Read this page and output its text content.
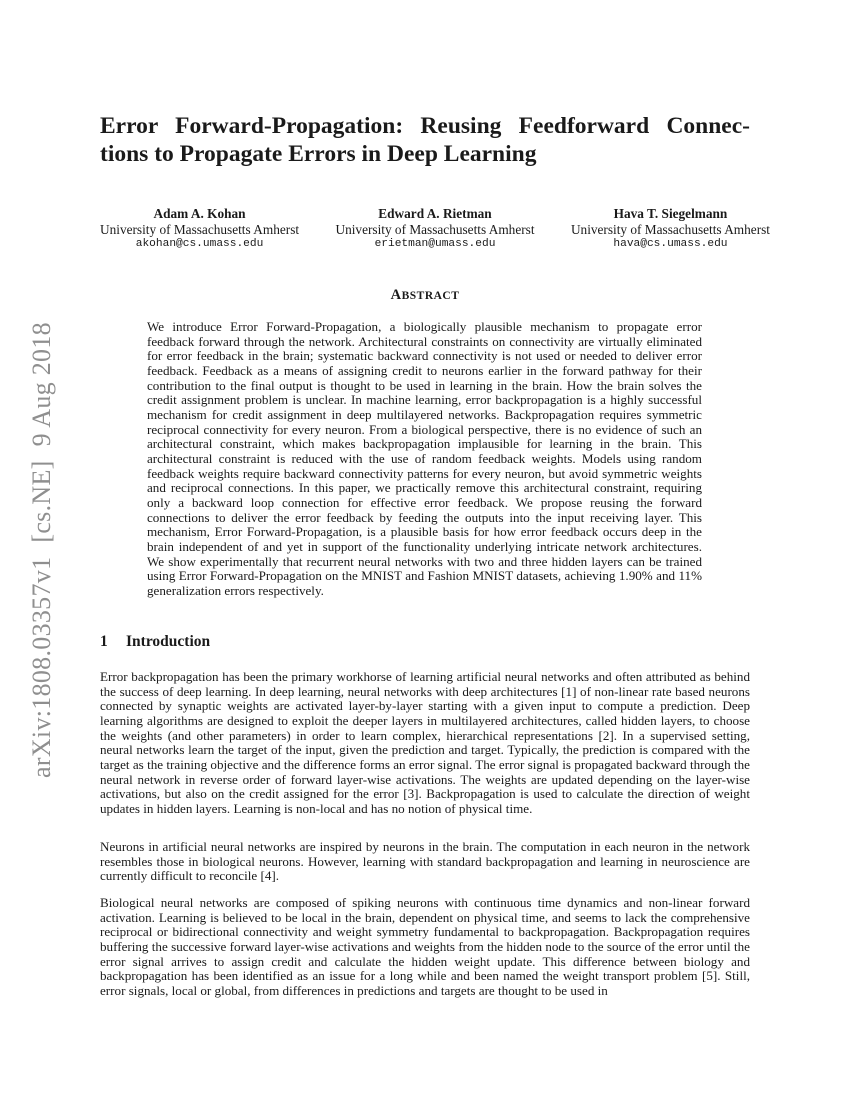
arXiv:1808.03357v1[cs.NE]9 Aug 2018
Error Forward-Propagation: Reusing Feedforward Connec-
tions to Propagate Errors in Deep Learning
Adam A. Kohan
University of Massachusetts Amherst
akohan@cs.umass.edu
Edward A. Rietman
University of Massachusetts Amherst
erietman@umass.edu
Hava T. Siegelmann
University of Massachusetts Amherst
hava@cs.umass.edu
ABSTRACT
We introduce Error Forward-Propagation, a biologically plausible mechanism to propagate error feedback forward through the network. Architectural constraints on connectivity are virtually eliminated for error feedback in the brain; systematic backward connectivity is not used or needed to deliver error feedback. Feedback as a means of assigning credit to neurons earlier in the forward pathway for their contribution to the final output is thought to be used in learning in the brain. How the brain solves the credit assignment problem is unclear. In machine learning, error backpropagation is a highly successful mechanism for credit assignment in deep multilayered networks. Backpropagation requires symmetric reciprocal connectivity for every neuron. From a biological perspective, there is no evidence of such an architectural constraint, which makes backpropagation implausible for learning in the brain. This architectural constraint is reduced with the use of random feedback weights. Models using random feedback weights require backward connectivity patterns for every neuron, but avoid symmetric weights and reciprocal connections. In this paper, we practically remove this architectural constraint, requiring only a backward loop connection for effective error feedback. We propose reusing the forward connections to deliver the error feedback by feeding the outputs into the input receiving layer. This mechanism, Error Forward-Propagation, is a plausible basis for how error feedback occurs deep in the brain independent of and yet in support of the functionality underlying intricate network architectures. We show experimentally that recurrent neural networks with two and three hidden layers can be trained using Error Forward-Propagation on the MNIST and Fashion MNIST datasets, achieving 1.90% and 11% generalization errors respectively.
1 Introduction
Error backpropagation has been the primary workhorse of learning artificial neural networks and often attributed as behind the success of deep learning. In deep learning, neural networks with deep architectures [1] of non-linear rate based neurons connected by synaptic weights are activated layer-by-layer starting with a given input to compute a prediction. Deep learning algorithms are designed to exploit the deeper layers in multilayered architectures, called hidden layers, to choose the weights (and other parameters) in order to learn complex, hierarchical representations [2]. In a supervised setting, neural networks learn the target of the input, given the prediction and target. Typically, the prediction is compared with the target as the training objective and the difference forms an error signal. The error signal is propagated backward through the neural network in reverse order of forward layer-wise activations. The weights are updated depending on the layer-wise activations, but also on the credit assigned for the error [3]. Backpropagation is used to calculate the direction of weight updates in hidden layers. Learning is non-local and has no notion of physical time.
Neurons in artificial neural networks are inspired by neurons in the brain. The computation in each neuron in the network resembles those in biological neurons. However, learning with standard backpropagation and learning in neuroscience are currently difficult to reconcile [4].
Biological neural networks are composed of spiking neurons with continuous time dynamics and non-linear forward activation. Learning is believed to be local in the brain, dependent on physical time, and seems to lack the comprehensive reciprocal or bidirectional connectivity and weight symmetry fundamental to backpropagation. Backpropagation requires buffering the successive forward layer-wise activations and weights from the hidden node to the source of the error until the error signal arrives to assign credit and calculate the hidden weight update. This difference between biology and backpropagation has been identified as an issue for a long while and been named the weight transport problem [5]. Still, error signals, local or global, from differences in predictions and targets are thought to be used in
